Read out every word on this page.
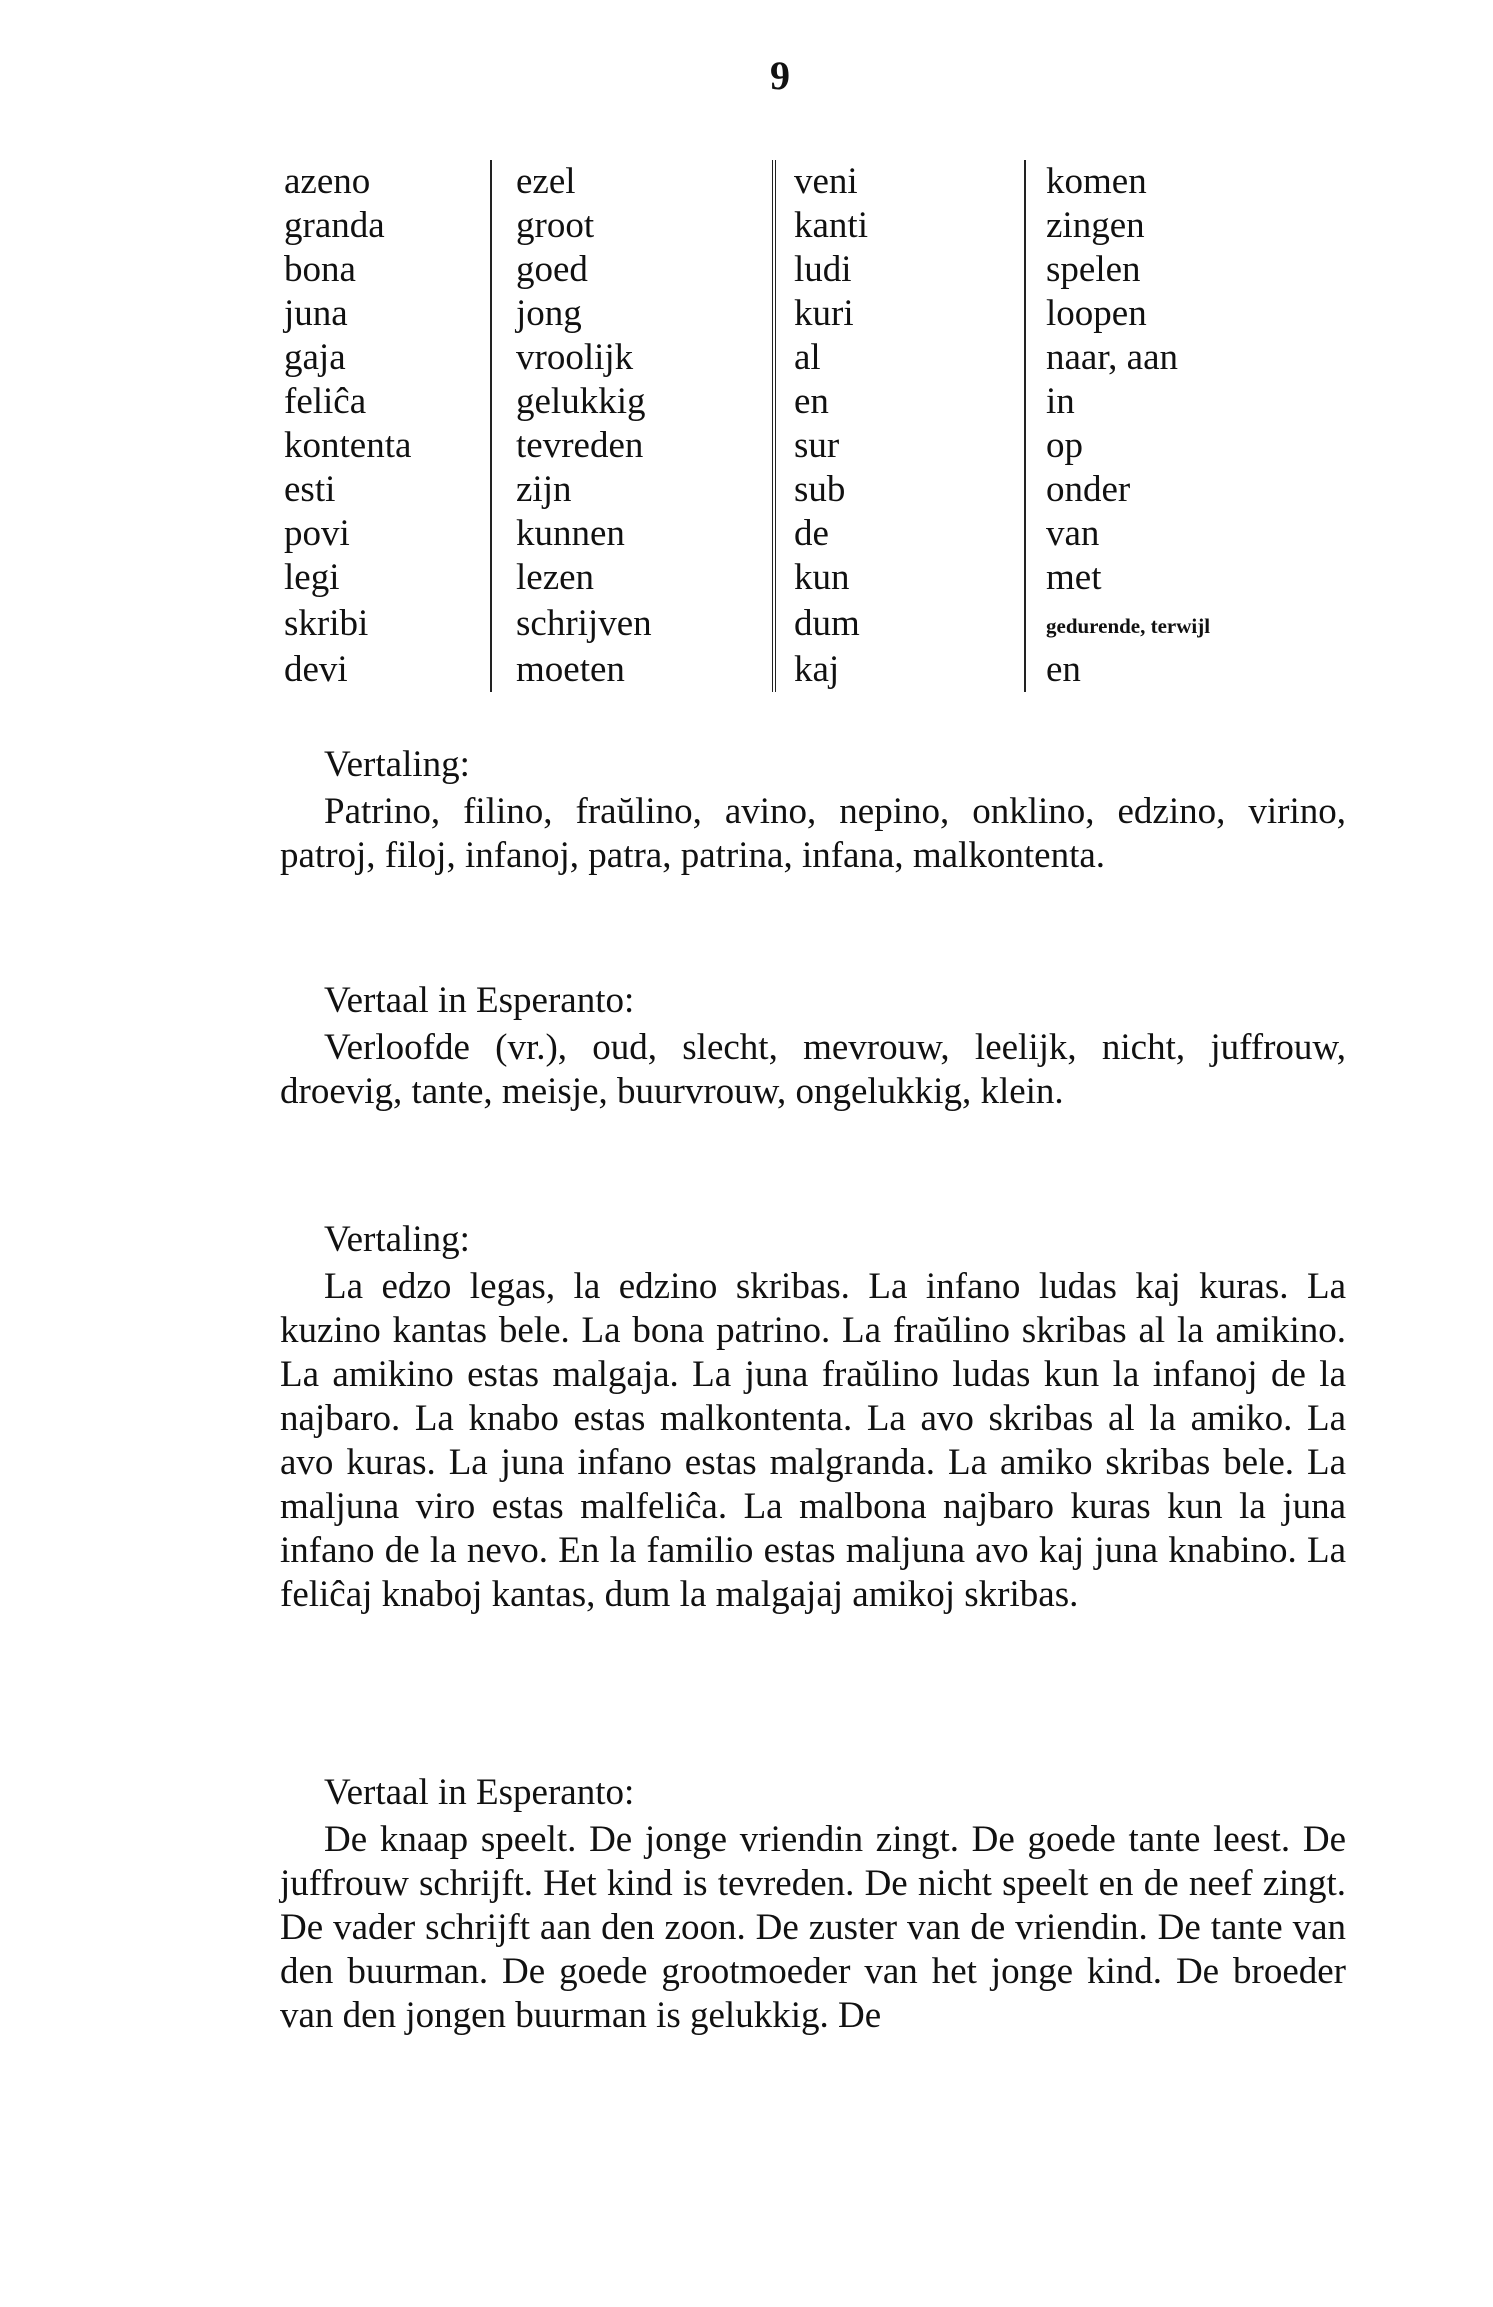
9
azeno	ezel	veni	komen
granda	groot	kanti	zingen
bona	goed	ludi	spelen
juna	jong	kuri	loopen
gaja	vroolijk	al	naar, aan
feliĉa	gelukkig	en	in
kontenta	tevreden	sur	op
esti	zijn	sub	onder
povi	kunnen	de	van
legi	lezen	kun	met
skribi	schrijven	dum	gedurende, terwijl
devi	moeten	kaj	en
Vertaling:
Patrino, filino, fraŭlino, avino, nepino, onklino, edzino, virino, patroj, filoj, infanoj, patra, patrina, infana, malkontenta.
Vertaal in Esperanto:
Verloofde (vr.), oud, slecht, mevrouw, leelijk, nicht, juffrouw, droevig, tante, meisje, buurvrouw, ongelukkig, klein.
Vertaling:
La edzo legas, la edzino skribas. La infano ludas kaj kuras. La kuzino kantas bele. La bona patrino. La fraŭlino skribas al la amikino. La amikino estas malgaja. La juna fraŭlino ludas kun la infanoj de la najbaro. La knabo estas malkontenta. La avo skribas al la amiko. La avo kuras. La juna infano estas malgranda. La amiko skribas bele. La maljuna viro estas malfeliĉa. La malbona najbaro kuras kun la juna infano de la nevo. En la familio estas maljuna avo kaj juna knabino. La feliĉaj knaboj kantas, dum la malgajaj amikoj skribas.
Vertaal in Esperanto:
De knaap speelt. De jonge vriendin zingt. De goede tante leest. De juffrouw schrijft. Het kind is tevreden. De nicht speelt en de neef zingt. De vader schrijft aan den zoon. De zuster van de vriendin. De tante van den buurman. De goede grootmoeder van het jonge kind. De broeder van den jongen buurman is gelukkig. De
